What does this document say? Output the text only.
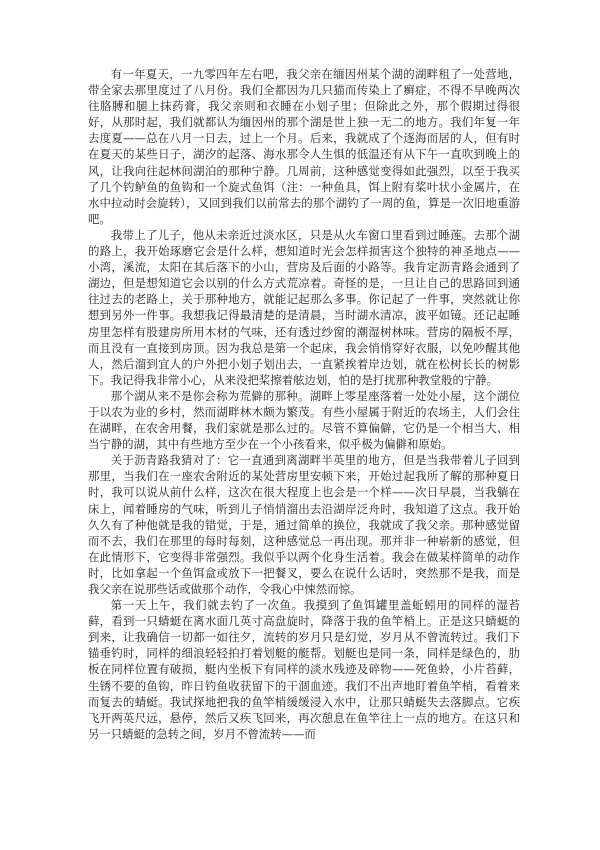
有一年夏天，一九零四年左右吧，我父亲在缅因州某个湖的湖畔租了一处营地，带全家去那里度过了八月份。我们全都因为几只猫而传染上了癣症，不得不早晚两次往胳膊和腿上抹药膏，我父亲则和衣睡在小划子里；但除此之外，那个假期过得很好，从那时起，我们就都认为缅因州的那个湖是世上独一无二的地方。我们年复一年去度夏——总在八月一日去，过上一个月。后来，我就成了个逐海而居的人，但有时在夏天的某些日子，湖汐的起落、海水那令人生惧的低温还有从下午一直吹到晚上的风，让我向往起林间湖泊的那种宁静。几周前，这种感觉变得如此强烈，以至于我买了几个钓鲈鱼的鱼钩和一个旋式鱼饵（注：一种鱼具，饵上附有桨叶状小金属片，在水中拉动时会旋转），又回到我们以前常去的那个湖钓了一周的鱼，算是一次旧地重游吧。

我带上了儿子，他从未亲近过淡水区，只是从火车窗口里看到过睡莲。去那个湖的路上，我开始琢磨它会是什么样，想知道时光会怎样损害这个独特的神圣地点——小湾，溪流，太阳在其后落下的小山，营房及后面的小路等。我肯定沥青路会通到了湖边，但是想知道它会以别的什么方式荒凉着。奇怪的是，一旦让自己的思路回到通往过去的老路上，关于那种地方，就能记起那么多事。你记起了一件事，突然就让你想到另外一件事。我想我记得最清楚的是清晨，当时湖水清凉，波平如镜。还记起睡房里怎样有股建房所用木材的气味，还有透过纱窗的潮湿树林味。营房的隔板不厚，而且没有一直接到房顶。因为我总是第一个起床，我会悄悄穿好衣服，以免吵醒其他人，然后溜到宜人的户外把小划子划出去，一直紧挨着岸边划，就在松树长长的树影下。我记得我非常小心，从来没把桨擦着舷边划，怕的是打扰那种教堂般的宁静。

那个湖从来不是你会称为荒僻的那种。湖畔上零星座落着一处处小屋，这个湖位于以农为业的乡村，然而湖畔林木颇为繁茂。有些小屋属于附近的农场主，人们会住在湖畔，在农舍用餐，我们家就是那么过的。尽管不算偏僻，它仍是一个相当大、相当宁静的湖，其中有些地方至少在一个小孩看来，似乎极为偏僻和原始。

关于沥青路我猜对了：它一直通到离湖畔半英里的地方，但是当我带着儿子回到那里，当我们在一座农舍附近的某处营房里安顿下来，开始过起我所了解的那种夏日时，我可以说从前什么样，这次在很大程度上也会是一个样——次日早晨，当我躺在床上，闻着睡房的气味，听到儿子悄悄溜出去沿湖岸泛舟时，我知道了这点。我开始久久有了种他就是我的错觉，于是，通过简单的换位，我就成了我父亲。那种感觉留而不去，我们在那里的每时每刻，这种感觉总一再出现。那并非一种崭新的感觉，但在此情形下，它变得非常强烈。我似乎以两个化身生活着。我会在做某样简单的动作时，比如拿起一个鱼饵盒或放下一把餐叉，要么在说什么话时，突然那不是我，而是我父亲在说那些话或做那个动作，令我心中悚然而惊。

第一天上午，我们就去钓了一次鱼。我摸到了鱼饵罐里盖蚯蚓用的同样的湿苔藓，看到一只蜻蜓在离水面几英寸高盘旋时，降落于我的鱼竿梢上。正是这只蜻蜓的到来，让我确信一切都一如往夕，流转的岁月只是幻觉，岁月从不曾流转过。我们下锚垂钓时，同样的细浪轻轻拍打着划艇的艇帮。划艇也是同一条，同样是绿色的，肋板在同样位置有破损，艇内坐板下有同样的淡水残迹及碎物——死鱼蛉，小片苔藓，生锈不要的鱼钩，昨日钓鱼收获留下的干涸血迹。我们不出声地盯着鱼竿梢，看着来而复去的蜻蜓。我试探地把我的鱼竿梢缓缓浸入水中，让那只蜻蜓失去落脚点。它疾飞开两英尺远，悬停，然后又疾飞回来，再次憩息在鱼竿往上一点的地方。在这只和另一只蜻蜓的急转之间，岁月不曾流转——而
